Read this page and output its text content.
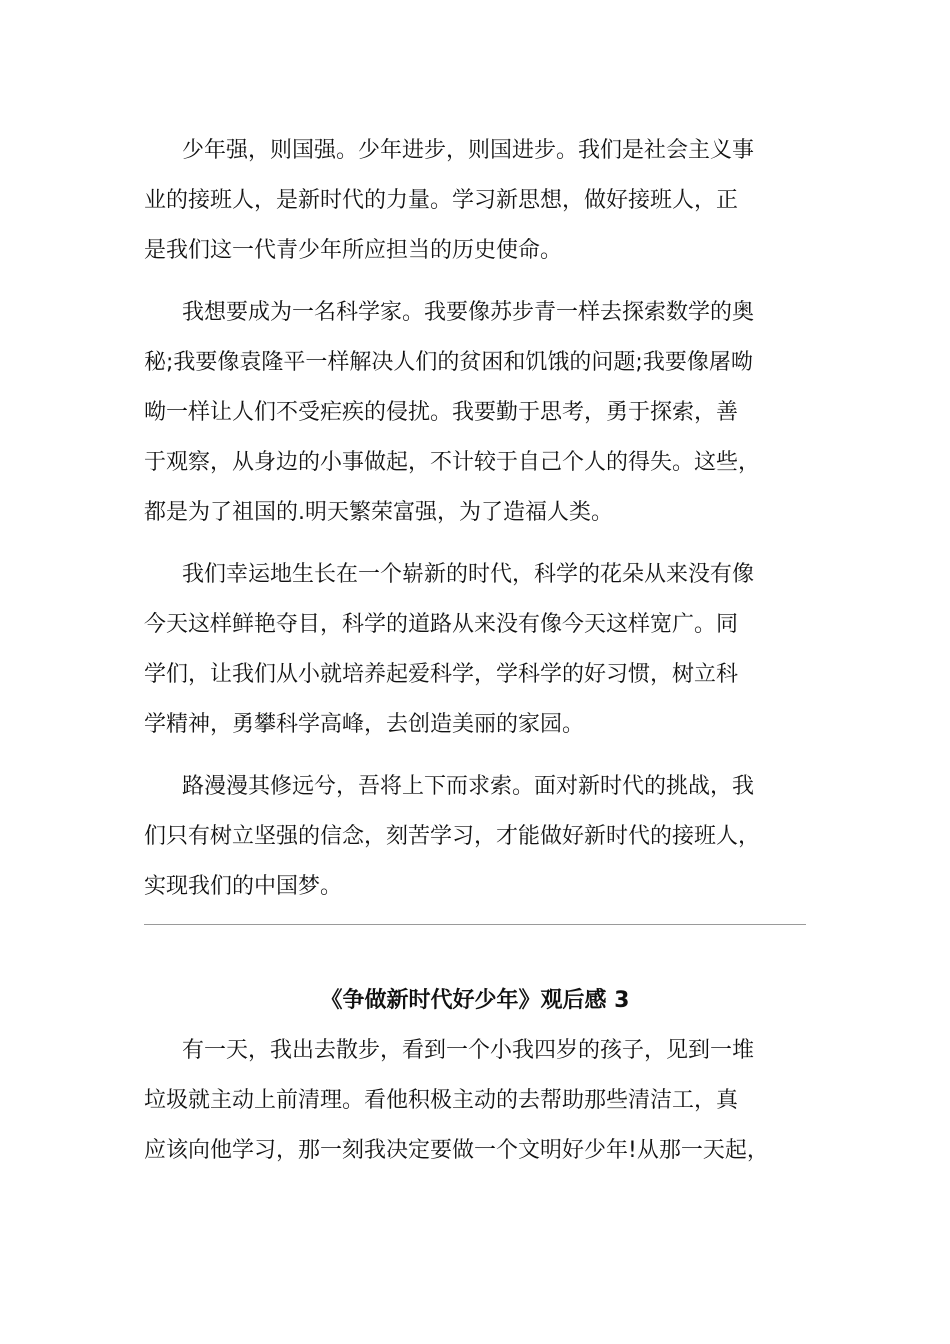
少年强，则国强。少年进步，则国进步。我们是社会主义事
业的接班人，是新时代的力量。学习新思想，做好接班人，正
是我们这一代青少年所应担当的历史使命。
我想要成为一名科学家。我要像苏步青一样去探索数学的奥
秘;我要像袁隆平一样解决人们的贫困和饥饿的问题;我要像屠呦
呦一样让人们不受疟疾的侵扰。我要勤于思考，勇于探索，善
于观察，从身边的小事做起，不计较于自己个人的得失。这些，
都是为了祖国的.明天繁荣富强，为了造福人类。
我们幸运地生长在一个崭新的时代，科学的花朵从来没有像
今天这样鲜艳夺目，科学的道路从来没有像今天这样宽广。同
学们，让我们从小就培养起爱科学，学科学的好习惯，树立科
学精神，勇攀科学高峰，去创造美丽的家园。
路漫漫其修远兮，吾将上下而求索。面对新时代的挑战，我
们只有树立坚强的信念，刻苦学习，才能做好新时代的接班人，
实现我们的中国梦。
《争做新时代好少年》观后感 3
有一天，我出去散步，看到一个小我四岁的孩子，见到一堆
垃圾就主动上前清理。看他积极主动的去帮助那些清洁工，真
应该向他学习，那一刻我决定要做一个文明好少年!从那一天起，
